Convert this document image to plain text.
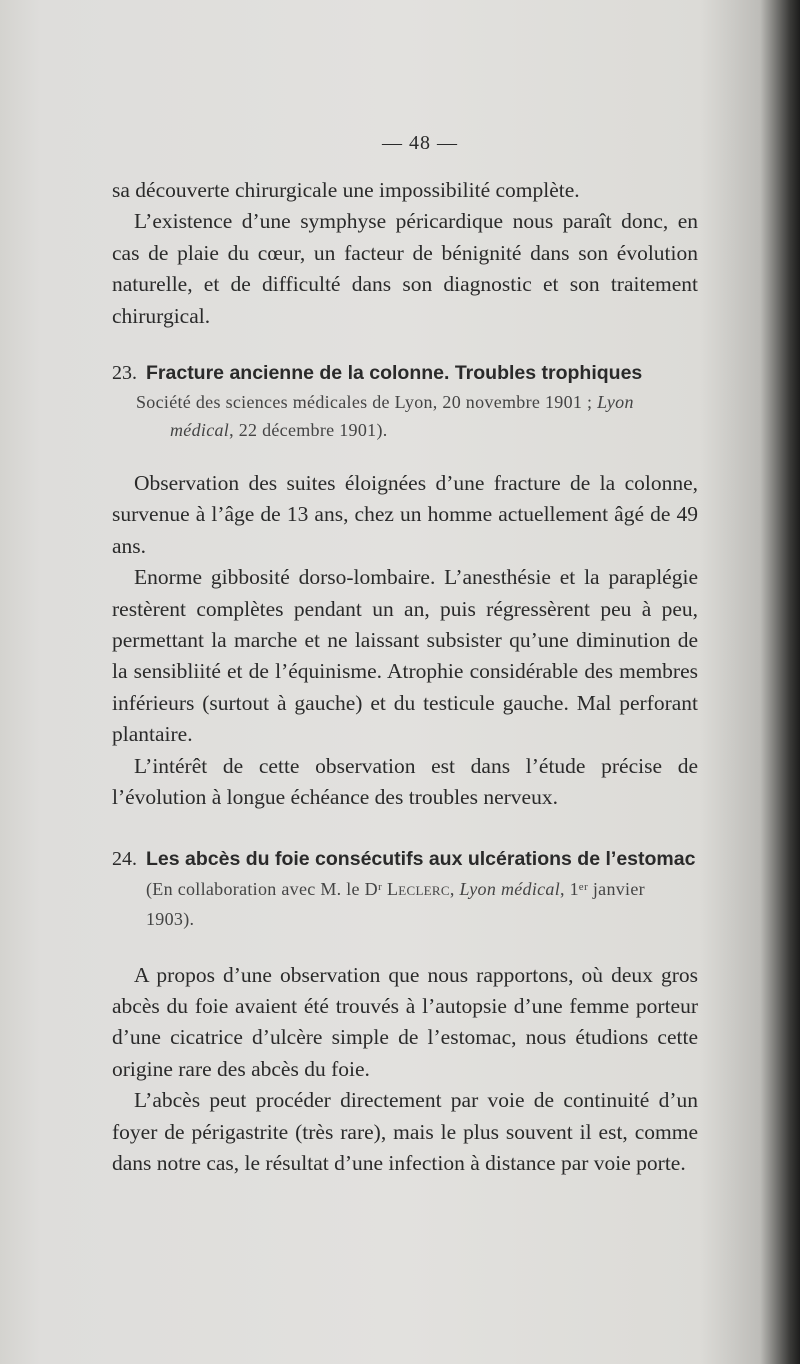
— 48 —

sa découverte chirurgicale une impossibilité complète.

L’existence d’une symphyse péricardique nous paraît donc, en cas de plaie du cœur, un facteur de bénignité dans son évolution naturelle, et de difficulté dans son diagnostic et son traitement chirurgical.

23. Fracture ancienne de la colonne. Troubles trophiques
Société des sciences médicales de Lyon, 20 novembre 1901 ; Lyon médical, 22 décembre 1901).

Observation des suites éloignées d’une fracture de la colonne, survenue à l’âge de 13 ans, chez un homme actuellement âgé de 49 ans.

Enorme gibbosité dorso-lombaire. L’anesthésie et la paraplégie restèrent complètes pendant un an, puis régressèrent peu à peu, permettant la marche et ne laissant subsister qu’une diminution de la sensibliité et de l’équinisme. Atrophie considérable des membres inférieurs (surtout à gauche) et du testicule gauche. Mal perforant plantaire.

L’intérêt de cette observation est dans l’étude précise de l’évolution à longue échéance des troubles nerveux.

24. Les abcès du foie consécutifs aux ulcérations de l’estomac (En collaboration avec M. le Dʳ Leclerc, Lyon médical, 1ᵉʳ janvier 1903).

A propos d’une observation que nous rapportons, où deux gros abcès du foie avaient été trouvés à l’autopsie d’une femme porteur d’une cicatrice d’ulcère simple de l’estomac, nous étudions cette origine rare des abcès du foie.

L’abcès peut procéder directement par voie de continuité d’un foyer de périgastrite (très rare), mais le plus souvent il est, comme dans notre cas, le résultat d’une infection à distance par voie porte.
